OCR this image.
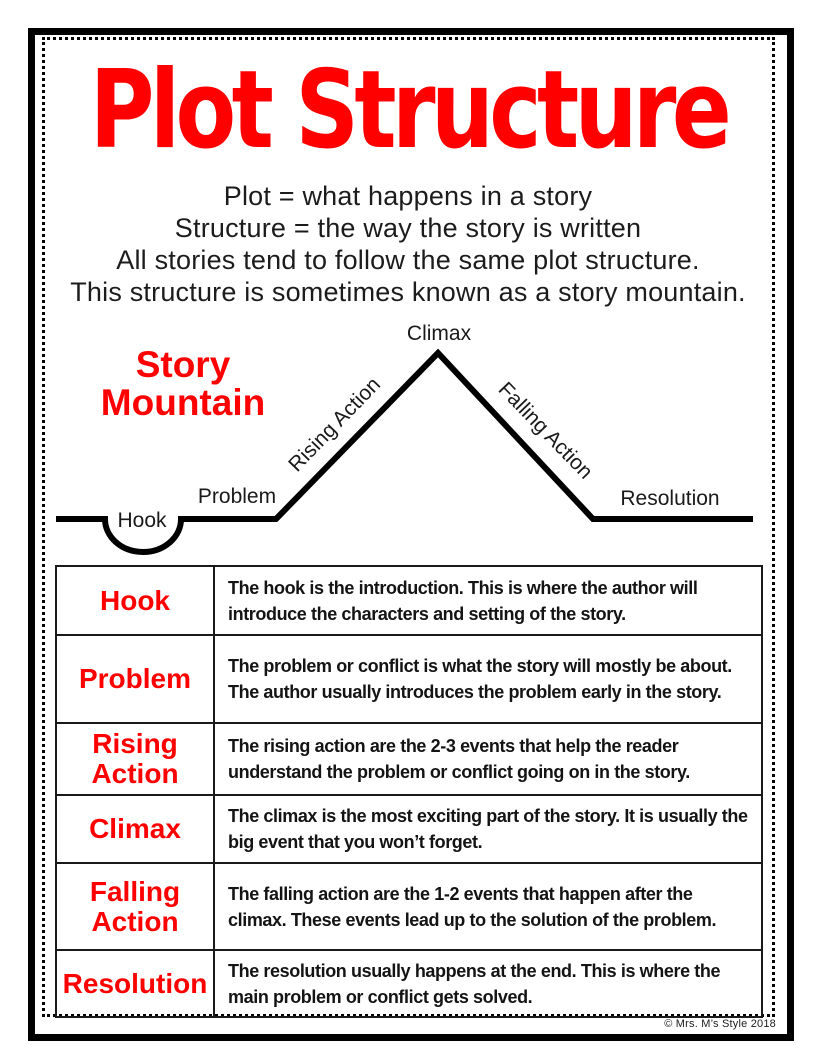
Plot Structure
Plot = what happens in a story
Structure = the way the story is written
All stories tend to follow the same plot structure.
This structure is sometimes known as a story mountain.
Story
Mountain
Hook
Problem
Rising Action
Climax
Falling Action
Resolution
Hook	The hook is the introduction. This is where the author will introduce the characters and setting of the story.
Problem	The problem or conflict is what the story will mostly be about. The author usually introduces the problem early in the story.
Rising Action	The rising action are the 2-3 events that help the reader understand the problem or conflict going on in the story.
Climax	The climax is the most exciting part of the story. It is usually the big event that you won’t forget.
Falling Action	The falling action are the 1-2 events that happen after the climax. These events lead up to the solution of the problem.
Resolution	The resolution usually happens at the end. This is where the main problem or conflict gets solved.
© Mrs. M’s Style 2018
